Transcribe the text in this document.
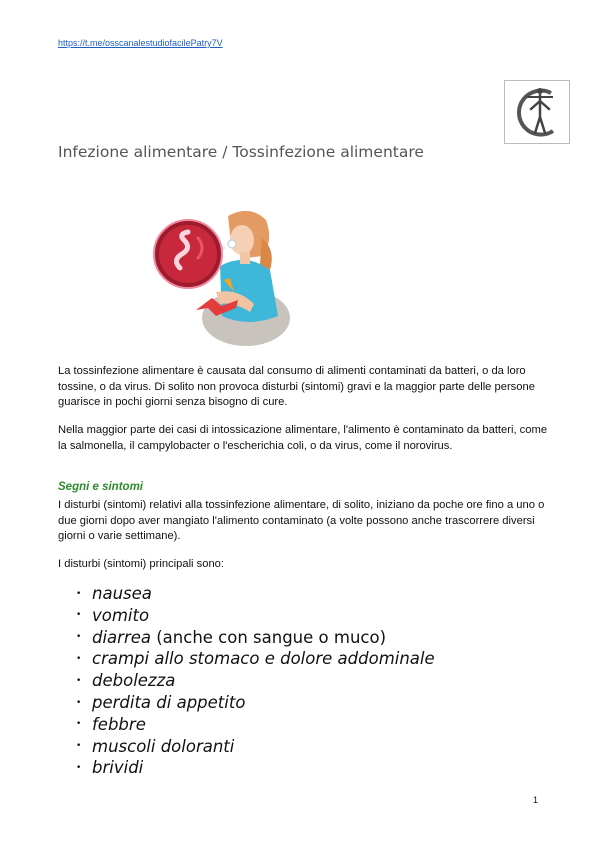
https://t.me/osscanalestudiofacilePatry7V
Infezione alimentare / Tossinfezione alimentare

La tossinfezione alimentare è causata dal consumo di alimenti contaminati da batteri, o da loro tossine, o da virus. Di solito non provoca disturbi (sintomi) gravi e la maggior parte delle persone guarisce in pochi giorni senza bisogno di cure.

Nella maggior parte dei casi di intossicazione alimentare, l'alimento è contaminato da batteri, come la salmonella, il campylobacter o l'escherichia coli, o da virus, come il norovirus.

Segni e sintomi

I disturbi (sintomi) relativi alla tossinfezione alimentare, di solito, iniziano da poche ore fino a uno o due giorni dopo aver mangiato l'alimento contaminato (a volte possono anche trascorrere diversi giorni o varie settimane).

I disturbi (sintomi) principali sono:

• nausea
• vomito
• diarrea (anche con sangue o muco)
• crampi allo stomaco e dolore addominale
• debolezza
• perdita di appetito
• febbre
• muscoli doloranti
• brividi
1
